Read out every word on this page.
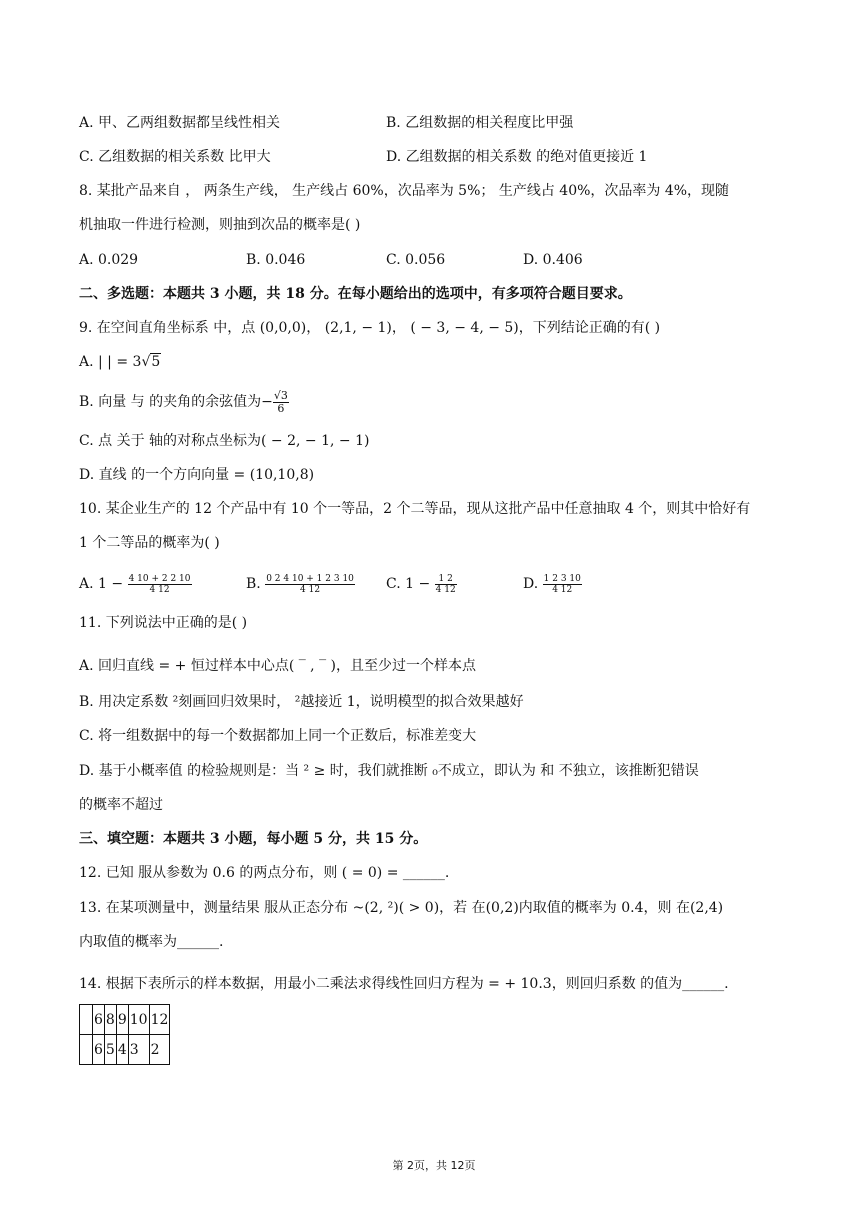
A. 甲、乙两组数据都呈线性相关	B. 乙组数据的相关程度比甲强
C. 乙组数据的相关系数 比甲大	D. 乙组数据的相关系数 的绝对值更接近 1
8. 某批产品来自 ， 两条生产线， 生产线占 60%，次品率为 5%； 生产线占 40%，次品率为 4%，现随
机抽取一件进行检测，则抽到次品的概率是( )
A. 0.029	B. 0.046	C. 0.056	D. 0.406
二、多选题：本题共 3 小题，共 18 分。在每小题给出的选项中，有多项符合题目要求。
9. 在空间直角坐标系 中，点 (0,0,0)， (2,1, − 1)， ( − 3, − 4, − 5)，下列结论正确的有( )
A. | | = 3√5
B. 向量 与 的夹角的余弦值为− $\frac{√3}{6}$
C. 点 关于 轴的对称点坐标为( − 2, − 1, − 1)
D. 直线 的一个方向向量 = (10,10,8)
10. 某企业生产的 12 个产品中有 10 个一等品，2 个二等品，现从这批产品中任意抽取 4 个，则其中恰好有
1 个二等品的概率为( )
A. $1 - \frac{4 10 + 2 2 10}{4 12}$	B. $\frac{0 2 4 10 + 1 2 3 10}{4 12} C$. $1 - \frac{1 2}{4 12}$	D. $\frac{1 2 3 10}{4 12}$
11. 下列说法中正确的是( )
A. 回归直线 = + 恒过样本中心点( ‾ , ‾ )，且至少过一个样本点
B. 用决定系数 ²刻画回归效果时， ²越接近 1，说明模型的拟合效果越好
C. 将一组数据中的每一个数据都加上同一个正数后，标准差变大
D. 基于小概率值 的检验规则是：当 ² ≥ 时，我们就推断 ₀不成立，即认为 和 不独立，该推断犯错误
的概率不超过
三、填空题：本题共 3 小题，每小题 5 分，共 15 分。
12. 已知 服从参数为 0.6 的两点分布，则 ( = 0) = ______.
13. 在某项测量中，测量结果 服从正态分布 ~(2, ²)( > 0)，若 在(0,2)内取值的概率为 0.4，则 在(2,4)
内取值的概率为______.
14. 根据下表所示的样本数据，用最小二乘法求得线性回归方程为 = + 10.3，则回归系数 的值为______.
	6	8	9	10	12
	6	5	4	3	2
第 2页，共 12页
